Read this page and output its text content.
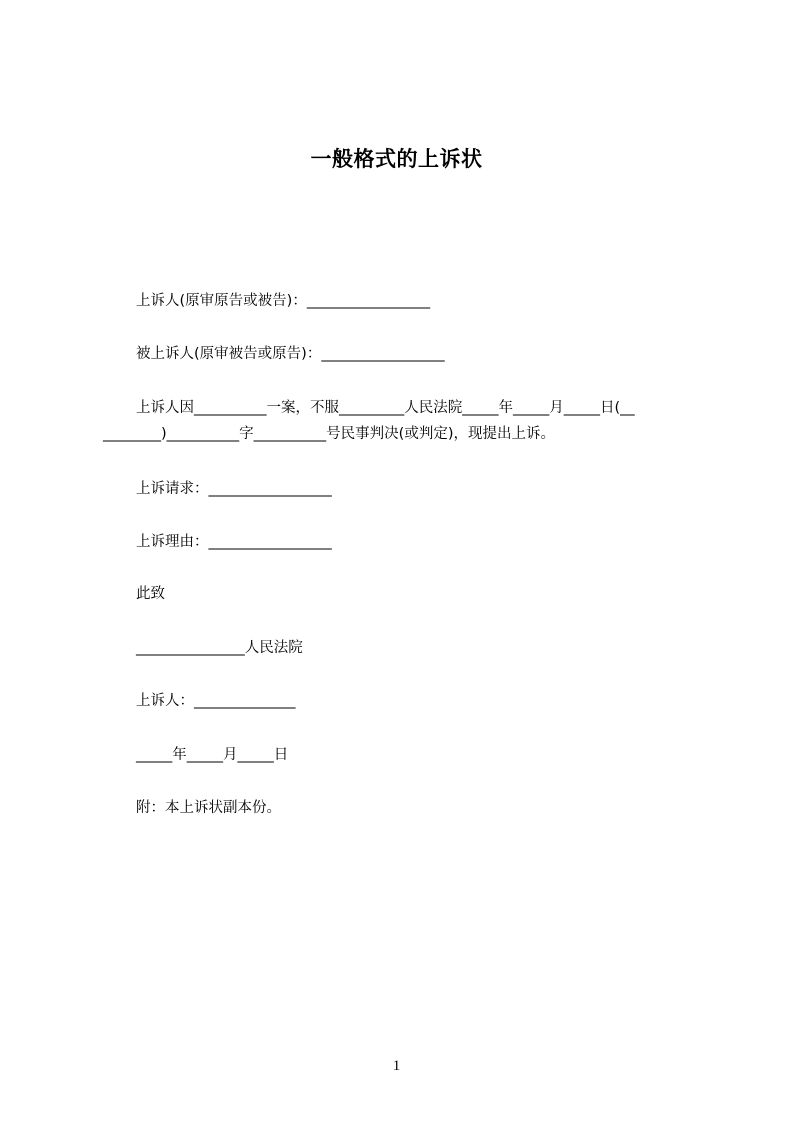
一般格式的上诉状
上诉人(原审原告或被告)：_________________
被上诉人(原审被告或原告)：_________________
上诉人因__________一案，不服_________人民法院_____年_____月_____日(__
________)__________字__________号民事判决(或判定)，现提出上诉。
上诉请求：_________________
上诉理由：_________________
此致
_______________人民法院
上诉人：______________
_____年_____月_____日
附：本上诉状副本份。
1
